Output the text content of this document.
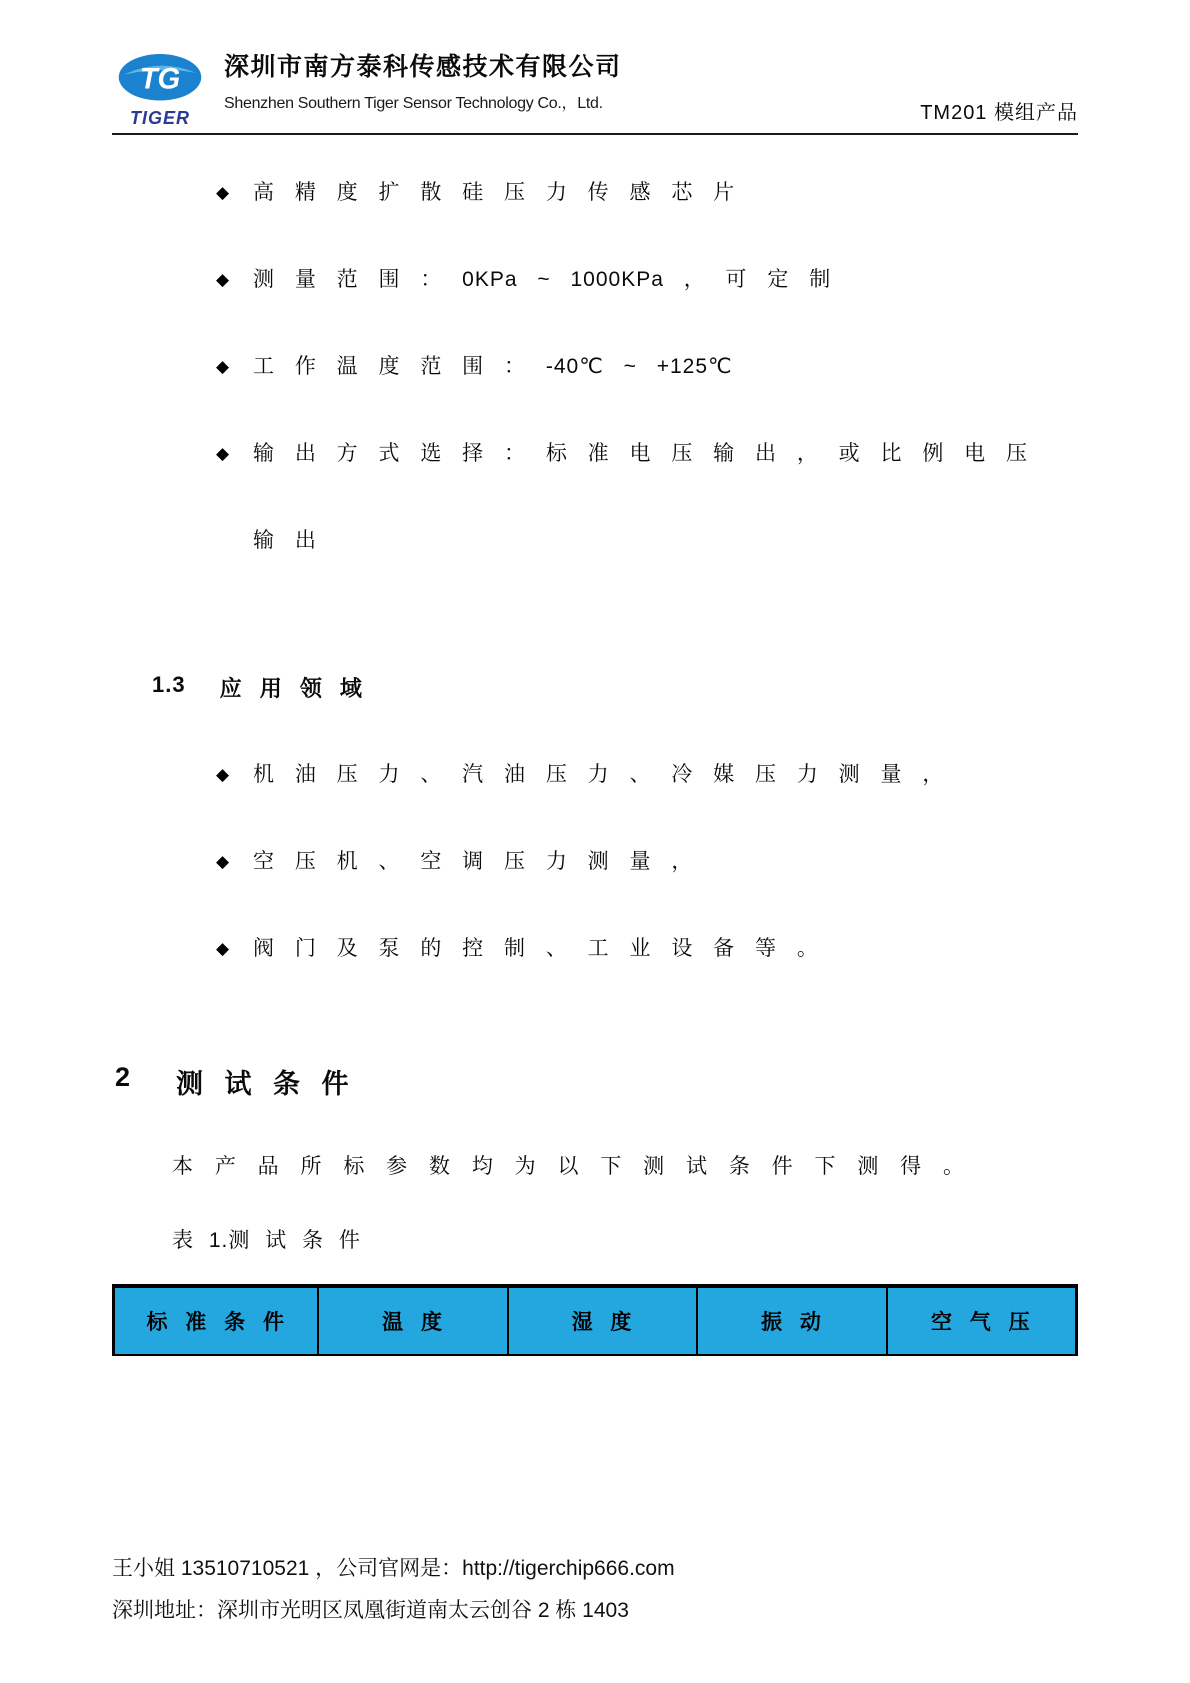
TG
TIGER
深圳市南方泰科传感技术有限公司
Shenzhen Southern Tiger Sensor Technology Co.，Ltd.	TM201 模组产品
◆	高 精 度 扩 散 硅 压 力 传 感 芯 片
◆	测 量 范 围 ： 0KPa ~ 1000KPa ， 可 定 制
◆	工 作 温 度 范 围 ： -40℃ ~ +125℃
◆	输 出 方 式 选 择 ： 标 准 电 压 输 出 ， 或 比 例 电 压
输 出
1.3 应 用 领 域
◆	机 油 压 力 、 汽 油 压 力 、 冷 媒 压 力 测 量 ，
◆	空 压 机 、 空 调 压 力 测 量 ，
◆	阀 门 及 泵 的 控 制 、 工 业 设 备 等 。
2 测 试 条 件
本 产 品 所 标 参 数 均 为 以 下 测 试 条 件 下 测 得 。
表 1.测 试 条 件
标 准 条 件	温 度	湿 度	振 动	空 气 压
王小姐 13510710521 ，公司官网是：http://tigerchip666.com
深圳地址：深圳市光明区凤凰街道南太云创谷 2 栋 1403
